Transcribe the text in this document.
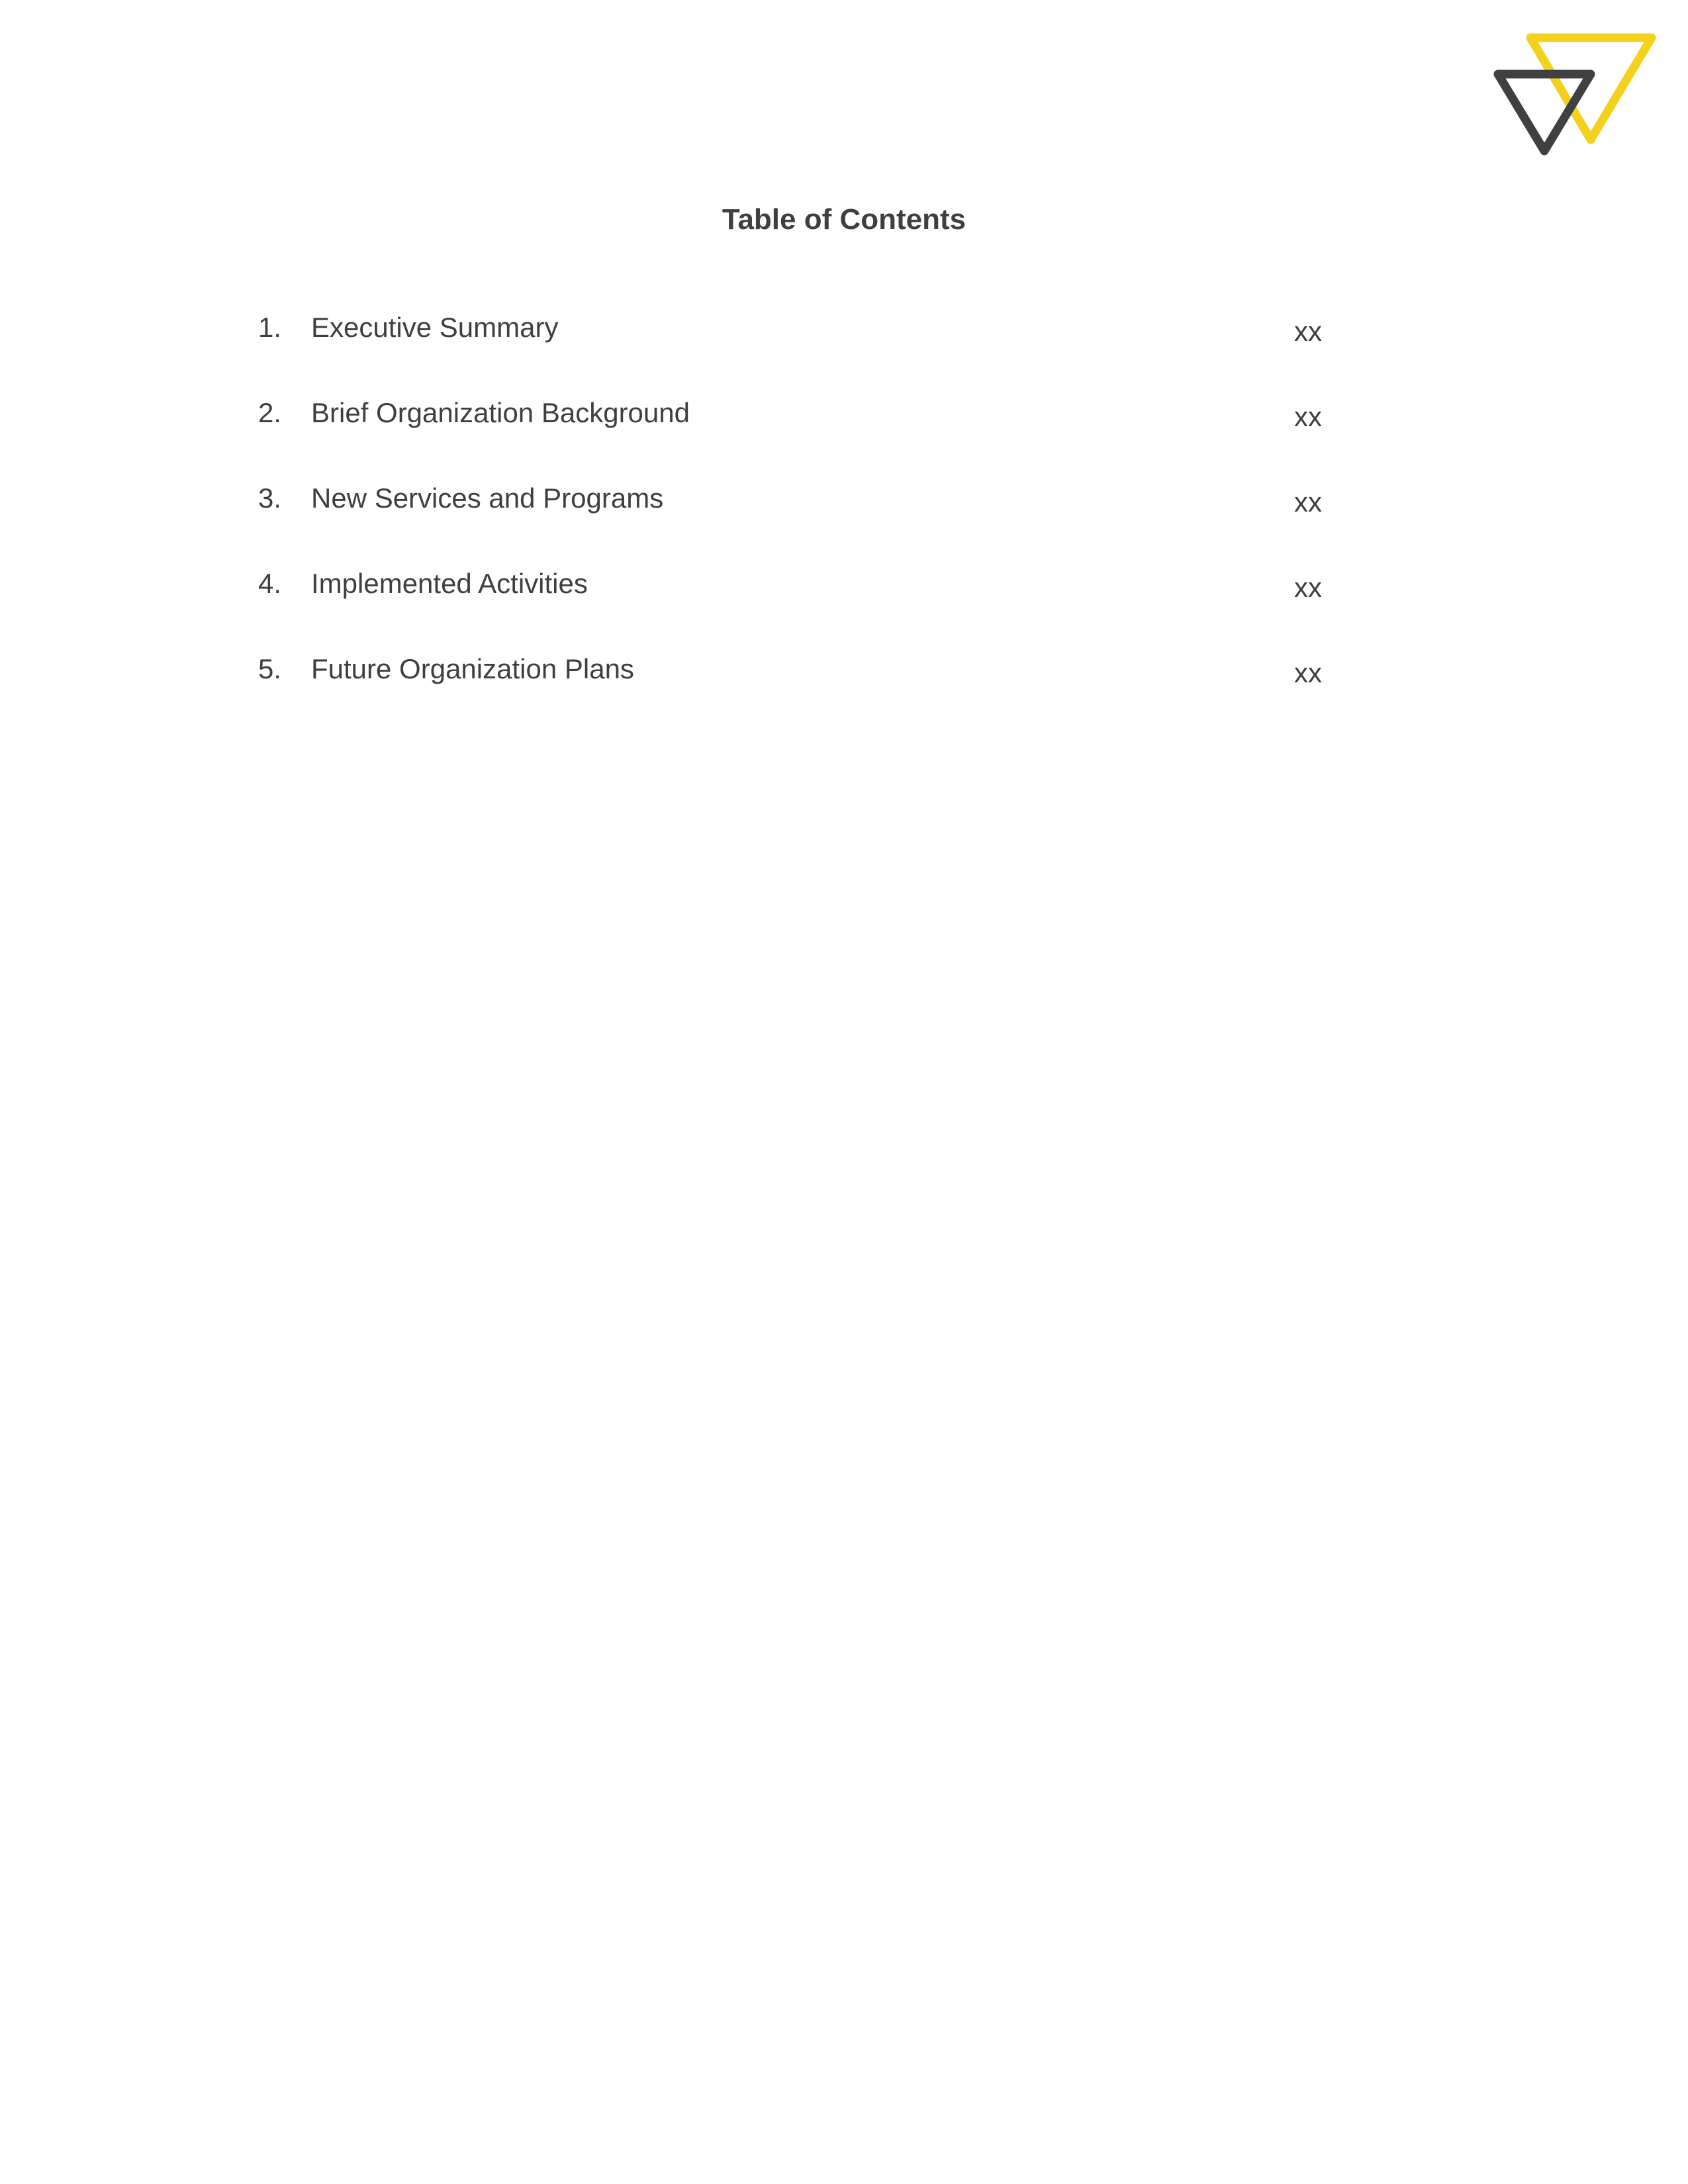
Table of Contents
1. Executive Summary	xx
2. Brief Organization Background	xx
3. New Services and Programs	xx
4. Implemented Activities	xx
5. Future Organization Plans	xx
